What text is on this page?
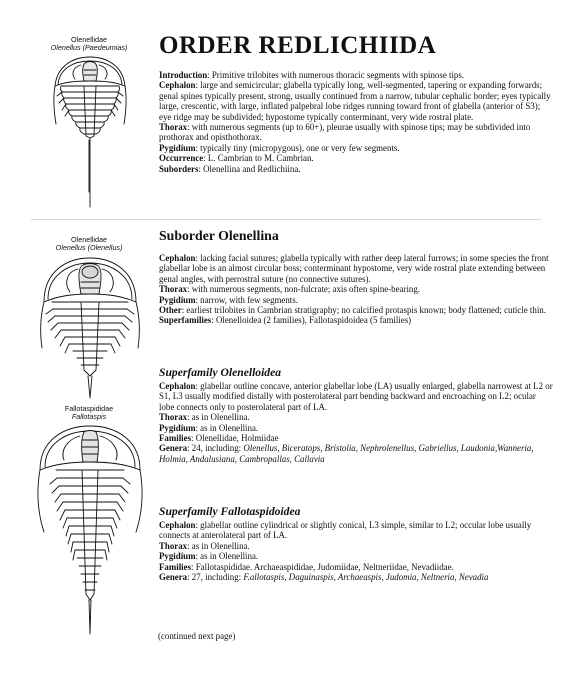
Olenellidae
Olenellus (Paedeumias)
Olenellidae
Olenellus (Olenellus)
Fallotaspididae
Fallotaspis
ORDER REDLICHIIDA

Introduction: Primitive trilobites with numerous thoracic segments with spinose tips.

Cephalon: large and semicircular; glabella typically long, well-segmented, tapering or expanding forwards; genal spines typically present, strong, usually continued from a narrow, tubular cephalic border; eyes typically large, crescentic, with large, inflated palpebral lobe ridges running toward front of glabella (anterior of S3); eye ridge may be subdivided; hypostome typically conterminant, very wide rostral plate.

Thorax: with numerous segments (up to 60+), pleurae usually with spinose tips; may be subdivided into prothorax and opisthothorax.

Pygidium: typically tiny (micropygous), one or very few segments.

Occurrence: L. Cambrian to M. Cambrian.

Suborders: Olenellina and Redlichiina.

Suborder Olenellina

Cephalon: lacking facial sutures; glabella typically with rather deep lateral furrows; in some species the front glabellar lobe is an almost circular boss; conterminant hypostome, very wide rostral plate extending between genal angles, with perrostral suture (no connective sutures).

Thorax: with numerous segments, non-fulcrate; axis often spine-bearing.

Pygidium: narrow, with few segments.

Other: earliest trilobites in Cambrian stratigraphy; no calcified protaspis known; body flattened; cuticle thin.

Superfamilies: Olenelloidea (2 families), Fallotaspidoidea (5 families)

Superfamily Olenelloidea

Cephalon: glabellar outline concave, anterior glabellar lobe (LA) usually enlarged, glabella narrowest at L2 or S1, L3 usually modified distally with posterolateral part bending backward and encroaching on L2; ocular lobe connects only to posterolateral part of LA.

Thorax: as in Olenellina.

Pygidium: as in Olenellina.

Families: Olenellidae, Holmiidae

Genera: 24, including: Olenellus, Biceratops, Bristolia, Nephrolenellus, Gabriellus, Laudonia,Wanneria, Holmia, Andalusiana, Cambropallas, Callavia

Superfamily Fallotaspidoidea

Cephalon: glabellar outline cylindrical or slightly conical, L3 simple, similar to L2; occular lobe usually connects at anterolateral part of LA.

Thorax: as in Olenellina.

Pygidium: as in Olenellina.

Families: Fallotaspididae. Archaeaspididae, Judomiidae, Neltneriidae, Nevadiidae.

Genera: 27, including: F.allotaspis, Daguinaspis, Archaeaspis, Judomia, Neltneria, Nevadia

(continued next page)
